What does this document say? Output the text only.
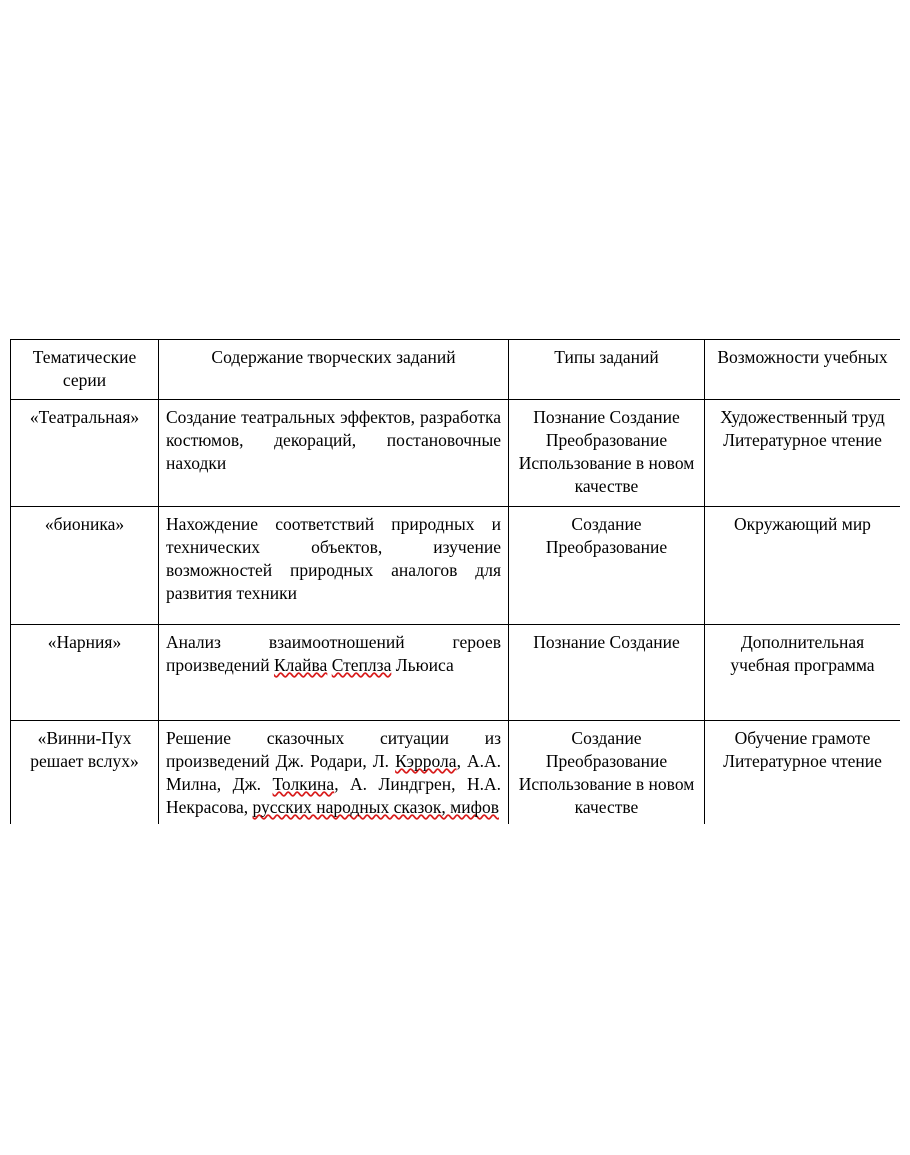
Тематические серии	Содержание творческих заданий	Типы заданий	Возможности учебных
«Театральная»	Создание театральных эффектов, разработка костюмов, декораций, постановочные находки	Познание Создание Преобразование Использование в новом качестве	Художественный труд Литературное чтение
«бионика»	Нахождение соответствий природных и технических объектов, изучение возможностей природных аналогов для развития техники	Создание Преобразование	Окружающий мир
«Нарния»	Анализ взаимоотношений героев произведений Клайва Степлза Льюиса	Познание Создание	Дополнительная учебная программа
«Винни-Пух решает вслух»	Решение сказочных ситуации из произведений Дж. Родари, Л. Кэррола, А.А. Милна, Дж. Толкина, А. Линдгрен, Н.А. Некрасова, русских народных сказок, мифов	Создание Преобразование Использование в новом качестве	Обучение грамоте Литературное чтение
